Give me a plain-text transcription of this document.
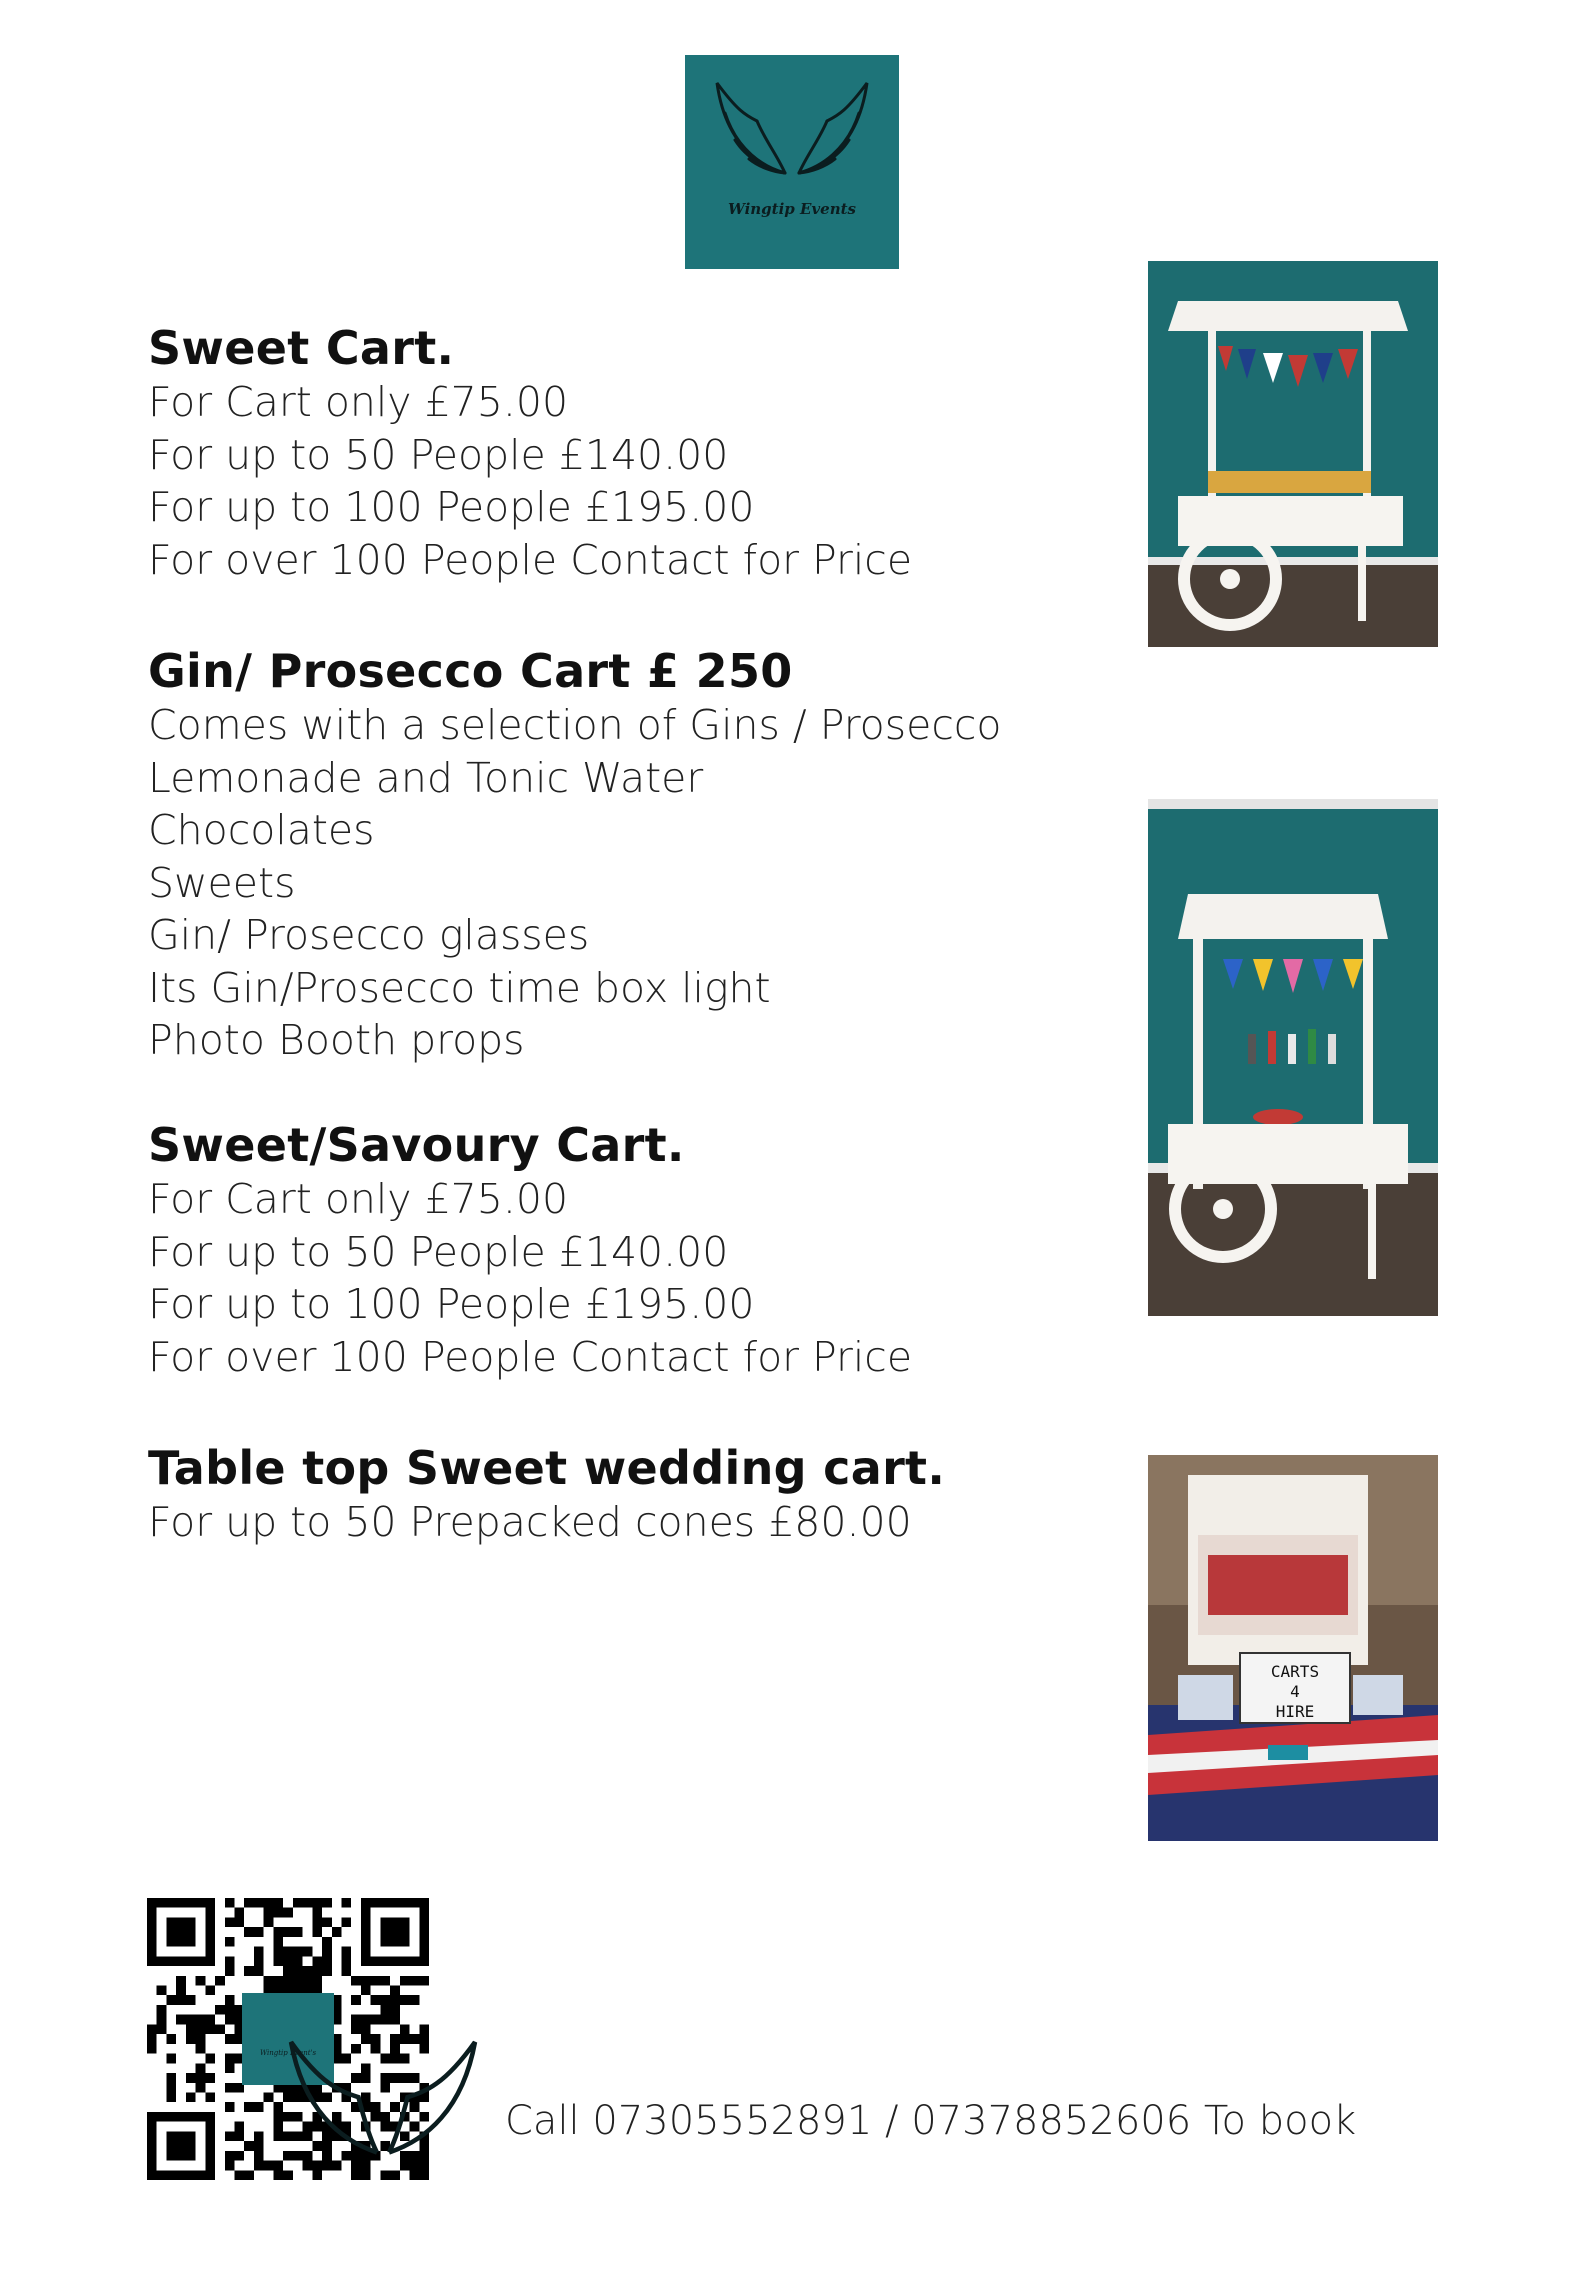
Wingtip Events
Sweet Cart.
For Cart only £75.00
For up to 50 People £140.00
For up to 100 People £195.00
For over 100 People Contact for Price
Gin/ Prosecco Cart £ 250
Comes with a selection of Gins / Prosecco
Lemonade and Tonic Water
Chocolates
Sweets
Gin/ Prosecco glasses
Its Gin/Prosecco time box light
Photo Booth props
Sweet/Savoury Cart.
For Cart only £75.00
For up to 50 People £140.00
For up to 100 People £195.00
For over 100 People Contact for Price
Table top Sweet wedding cart.
For up to 50 Prepacked cones £80.00
CARTS
4
HIRE
Wingtip Event's
Call 07305552891 / 07378852606 To book
